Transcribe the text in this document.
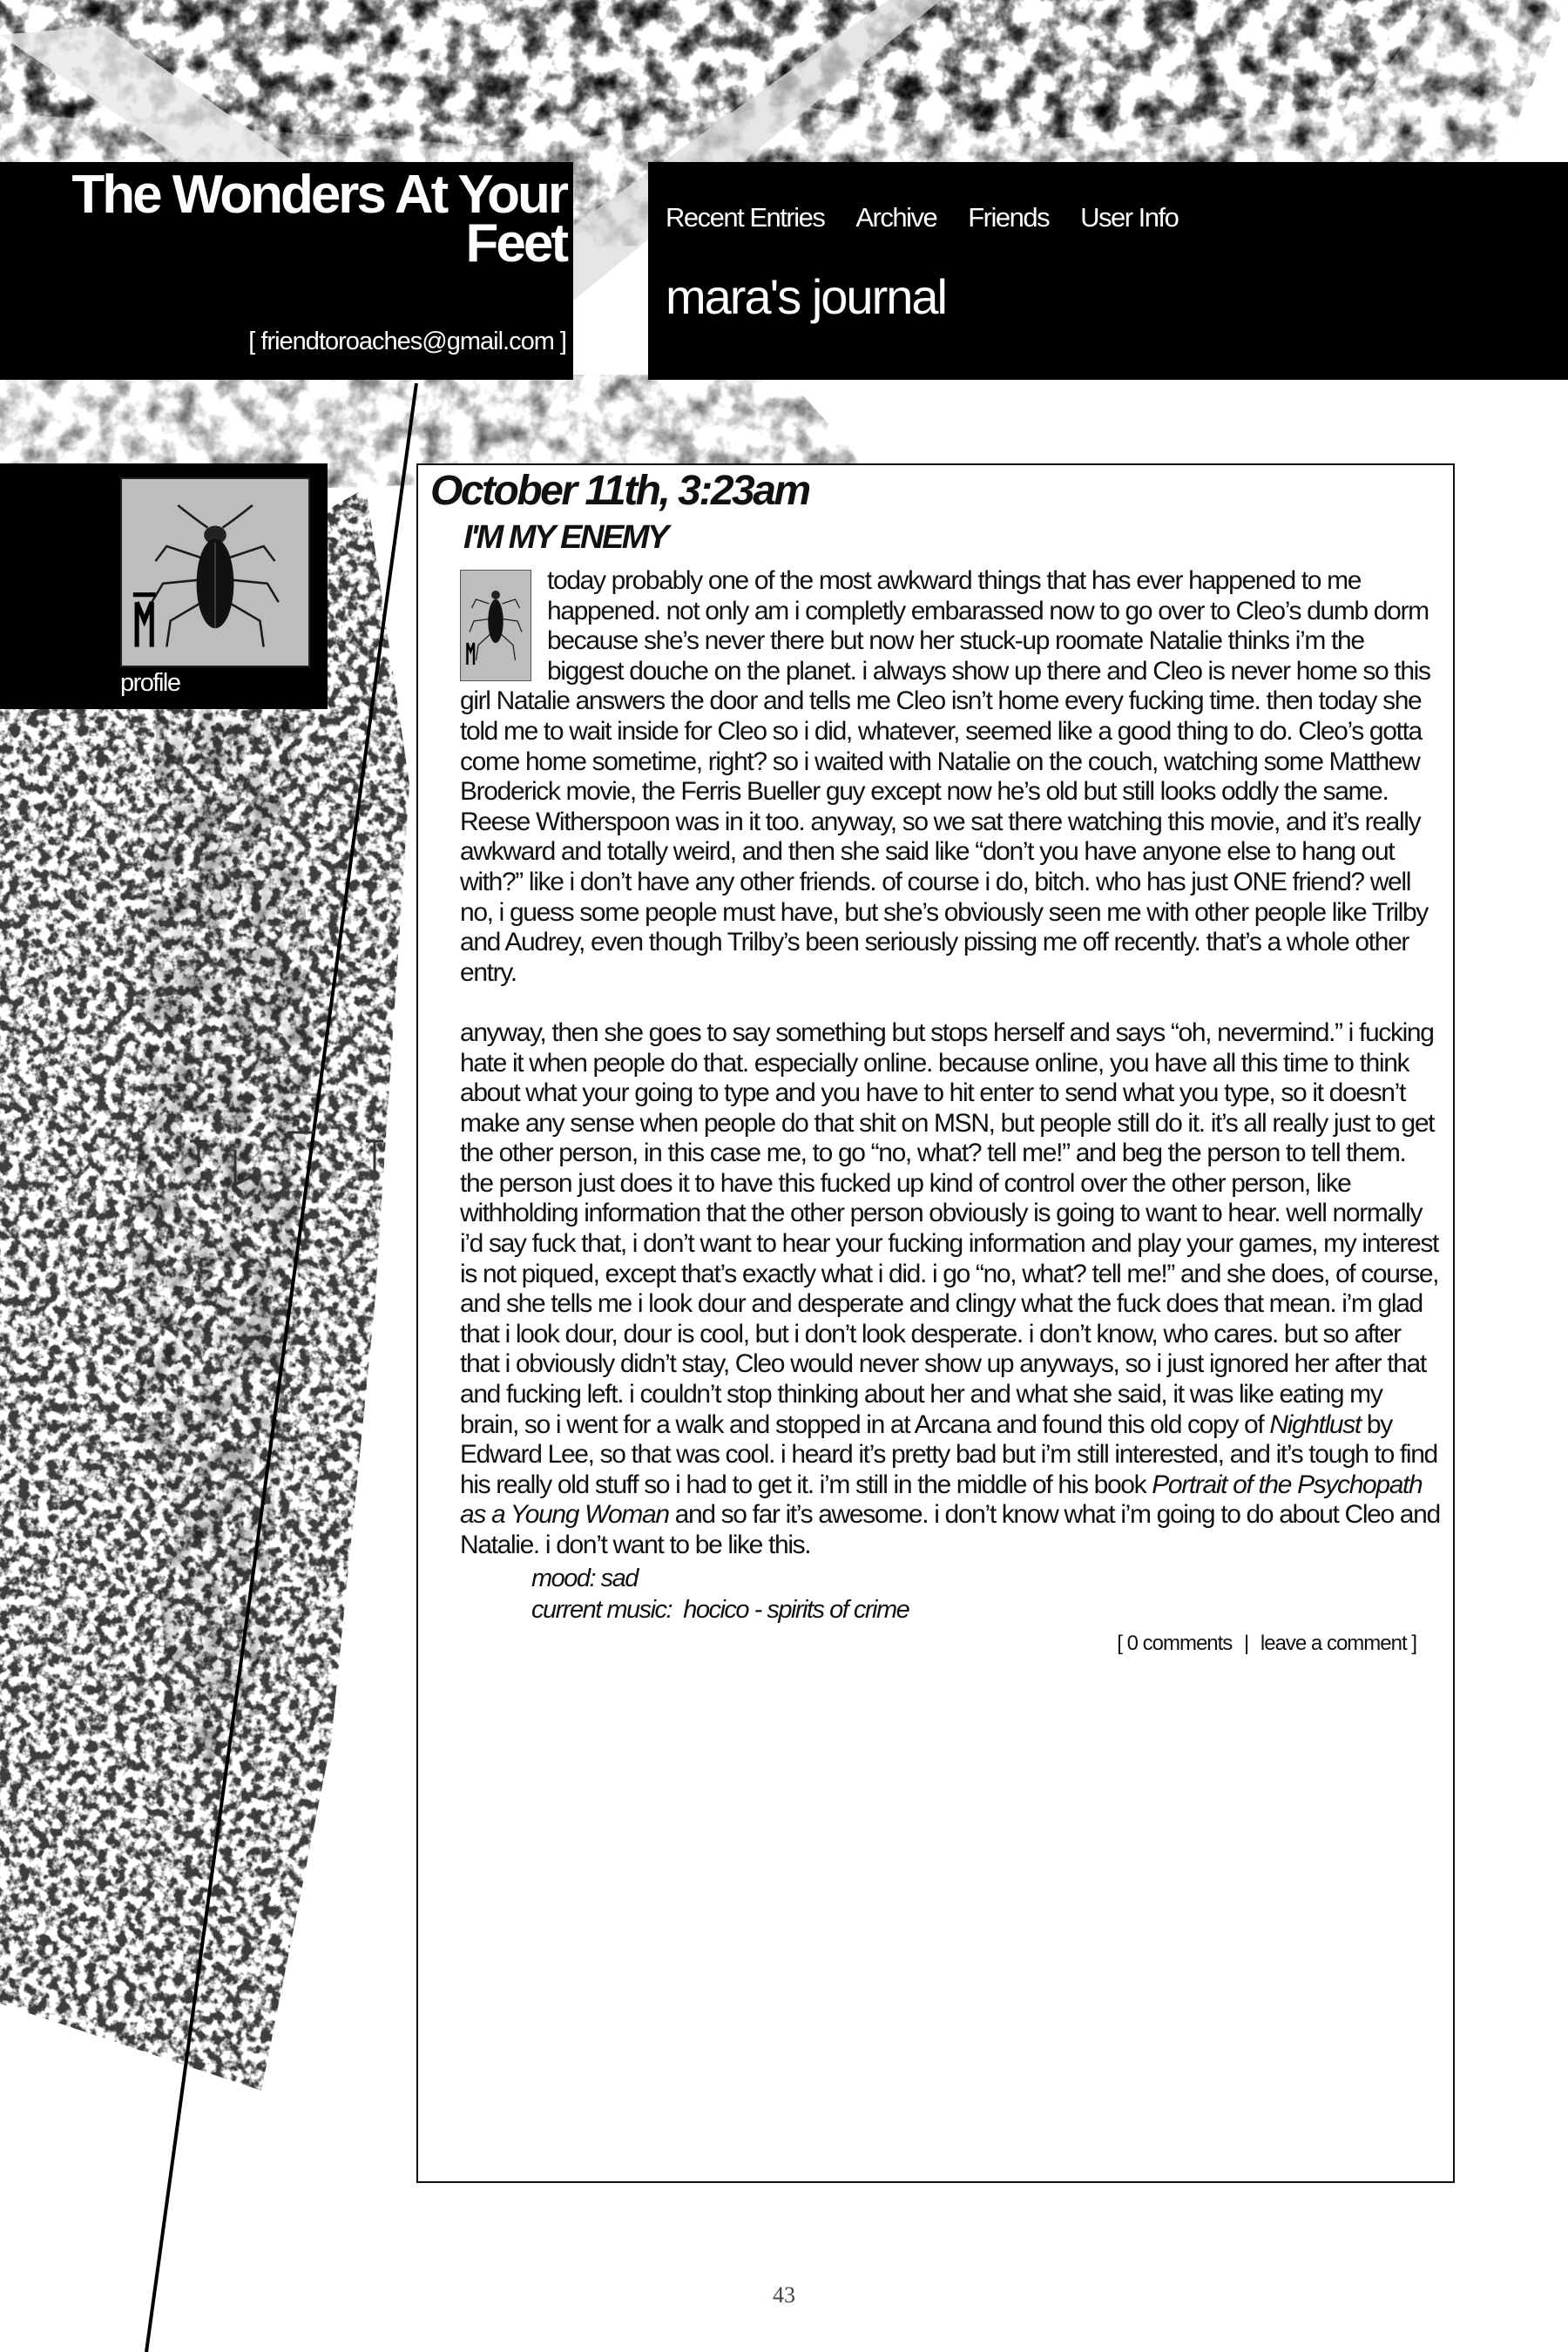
The Wonders At Your Feet
[ friendtoroaches@gmail.com ]
Recent Entries Archive Friends User Info
mara's journal
profile
October 11th, 3:23am
I'M MY ENEMY

today probably one of the most awkward things that has ever happened to me happened. not only am i completly embarassed now to go over to Cleo’s dumb dorm because she’s never there but now her stuck-up roomate Natalie thinks i’m the biggest douche on the planet. i always show up there and Cleo is never home so this girl Natalie answers the door and tells me Cleo isn’t home every fucking time. then today she told me to wait inside for Cleo so i did, whatever, seemed like a good thing to do. Cleo’s gotta come home sometime, right? so i waited with Natalie on the couch, watching some Matthew Broderick movie, the Ferris Bueller guy except now he’s old but still looks oddly the same. Reese Witherspoon was in it too. anyway, so we sat there watching this movie, and it’s really awkward and totally weird, and then she said like “don’t you have anyone else to hang out with?” like i don’t have any other friends. of course i do, bitch. who has just ONE friend? well no, i guess some people must have, but she’s obviously seen me with other people like Trilby and Audrey, even though Trilby’s been seriously pissing me off recently. that’s a whole other entry.

anyway, then she goes to say something but stops herself and says “oh, nevermind.” i fucking hate it when people do that. especially online. because online, you have all this time to think about what your going to type and you have to hit enter to send what you type, so it doesn’t make any sense when people do that shit on MSN, but people still do it. it’s all really just to get the other person, in this case me, to go “no, what? tell me!” and beg the person to tell them. the person just does it to have this fucked up kind of control over the other person, like withholding information that the other person obviously is going to want to hear. well normally i’d say fuck that, i don’t want to hear your fucking information and play your games, my interest is not piqued, except that’s exactly what i did. i go “no, what? tell me!” and she does, of course, and she tells me i look dour and desperate and clingy what the fuck does that mean. i’m glad that i look dour, dour is cool, but i don’t look desperate. i don’t know, who cares. but so after that i obviously didn’t stay, Cleo would never show up anyways, so i just ignored her after that and fucking left. i couldn’t stop thinking about her and what she said, it was like eating my brain, so i went for a walk and stopped in at Arcana and found this old copy of Nightlust by Edward Lee, so that was cool. i heard it’s pretty bad but i’m still interested, and it’s tough to find his really old stuff so i had to get it. i’m still in the middle of his book Portrait of the Psychopath as a Young Woman and so far it’s awesome. i don’t know what i’m going to do about Cleo and Natalie. i don’t want to be like this.

mood: sad
current music:  hocico - spirits of crime
[ 0 comments | leave a comment ]
43
